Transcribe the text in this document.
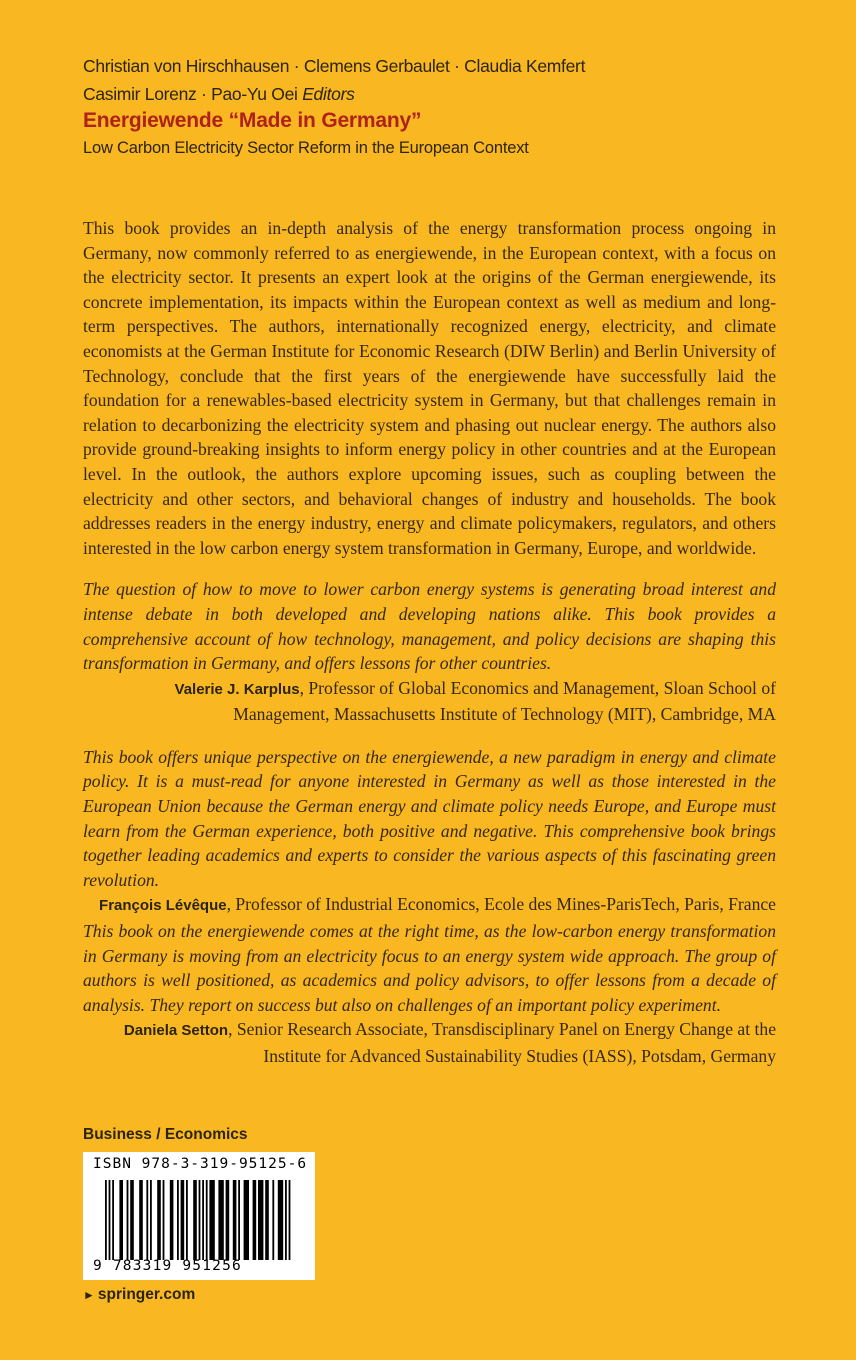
Christian von Hirschhausen · Clemens Gerbaulet · Claudia Kemfert
Casimir Lorenz · Pao-Yu Oei Editors
Energiewende “Made in Germany”
Low Carbon Electricity Sector Reform in the European Context

This book provides an in-depth analysis of the energy transformation process ongoing in Germany, now commonly referred to as energiewende, in the European context, with a focus on the electricity sector. It presents an expert look at the origins of the German energiewende, its concrete implementation, its impacts within the European context as well as medium and long-term perspectives. The authors, internationally recognized energy, electricity, and climate economists at the German Institute for Economic Research (DIW Berlin) and Berlin University of Technology, conclude that the first years of the energiewende have successfully laid the foundation for a renewables-based electricity system in Germany, but that challenges remain in relation to decarbonizing the electricity system and phasing out nuclear energy. The authors also provide ground-breaking insights to inform energy policy in other countries and at the European level. In the outlook, the authors explore upcoming issues, such as coupling between the electricity and other sectors, and behavioral changes of industry and households. The book addresses readers in the energy industry, energy and climate policymakers, regulators, and others interested in the low carbon energy system transformation in Germany, Europe, and worldwide.

The question of how to move to lower carbon energy systems is generating broad interest and intense debate in both developed and developing nations alike. This book provides a comprehensive account of how technology, management, and policy decisions are shaping this transformation in Germany, and offers lessons for other countries.

Valerie J. Karplus, Professor of Global Economics and Management, Sloan School of Management, Massachusetts Institute of Technology (MIT), Cambridge, MA

This book offers unique perspective on the energiewende, a new paradigm in energy and climate policy. It is a must-read for anyone interested in Germany as well as those interested in the European Union because the German energy and climate policy needs Europe, and Europe must learn from the German experience, both positive and negative. This comprehensive book brings together leading academics and experts to consider the various aspects of this fascinating green revolution.

François Lévêque, Professor of Industrial Economics, Ecole des Mines-ParisTech, Paris, France

This book on the energiewende comes at the right time, as the low-carbon energy transformation in Germany is moving from an electricity focus to an energy system wide approach. The group of authors is well positioned, as academics and policy advisors, to offer lessons from a decade of analysis. They report on success but also on challenges of an important policy experiment.

Daniela Setton, Senior Research Associate, Transdisciplinary Panel on Energy Change at the Institute for Advanced Sustainability Studies (IASS), Potsdam, Germany

Business / Economics
ISBN 978-3-319-95125-6
9 783319 951256
► springer.com
